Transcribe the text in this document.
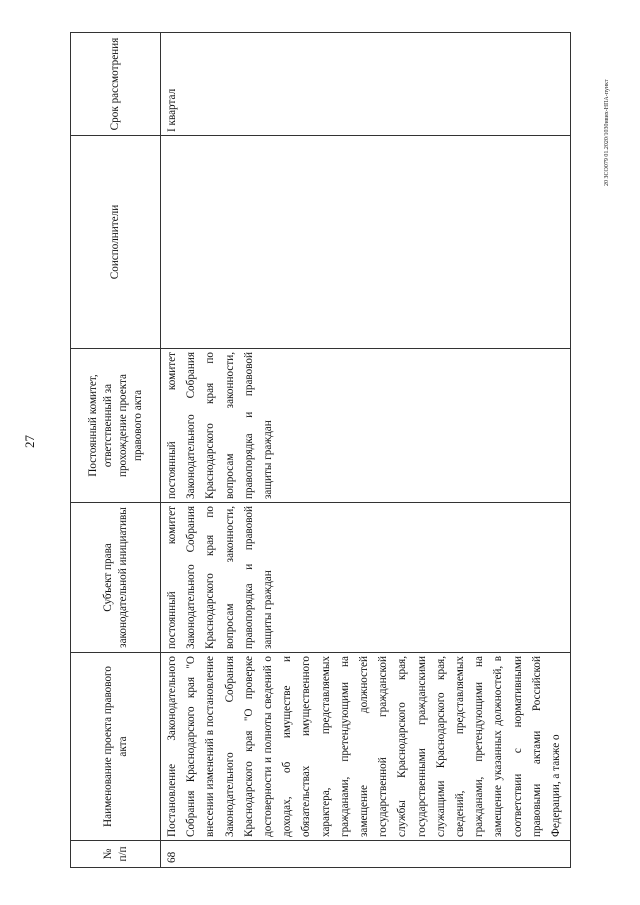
27
20 ЗСО079 01.2020/1030ивих-НПА-пункт
№ п/п	Наименование проекта правового акта	Субъект права законодательной инициативы	Постоянный комитет, ответственный за прохождение проекта правового акта	Соисполнители	Срок рассмотрения
68	Постановление Законодательного Собрания Краснодарского края "О внесении изменений в постановление Законодательного Собрания Краснодарского края "О проверке достоверности и полноты сведений о доходах, об имуществе и обязательствах имущественного характера, представляемых гражданами, претендующими на замещение должностей государственной гражданской службы Краснодарского края, государственными гражданскими служащими Краснодарского края, сведений, представляемых гражданами, претендующими на замещение указанных должностей, в соответствии с нормативными правовыми актами Российской Федерации, а также о	постоянный комитет Законодательного Собрания Краснодарского края по вопросам законности, правопорядка и правовой защиты граждан	постоянный комитет Законодательного Собрания Краснодарского края по вопросам законности, правопорядка и правовой защиты граждан		I квартал
